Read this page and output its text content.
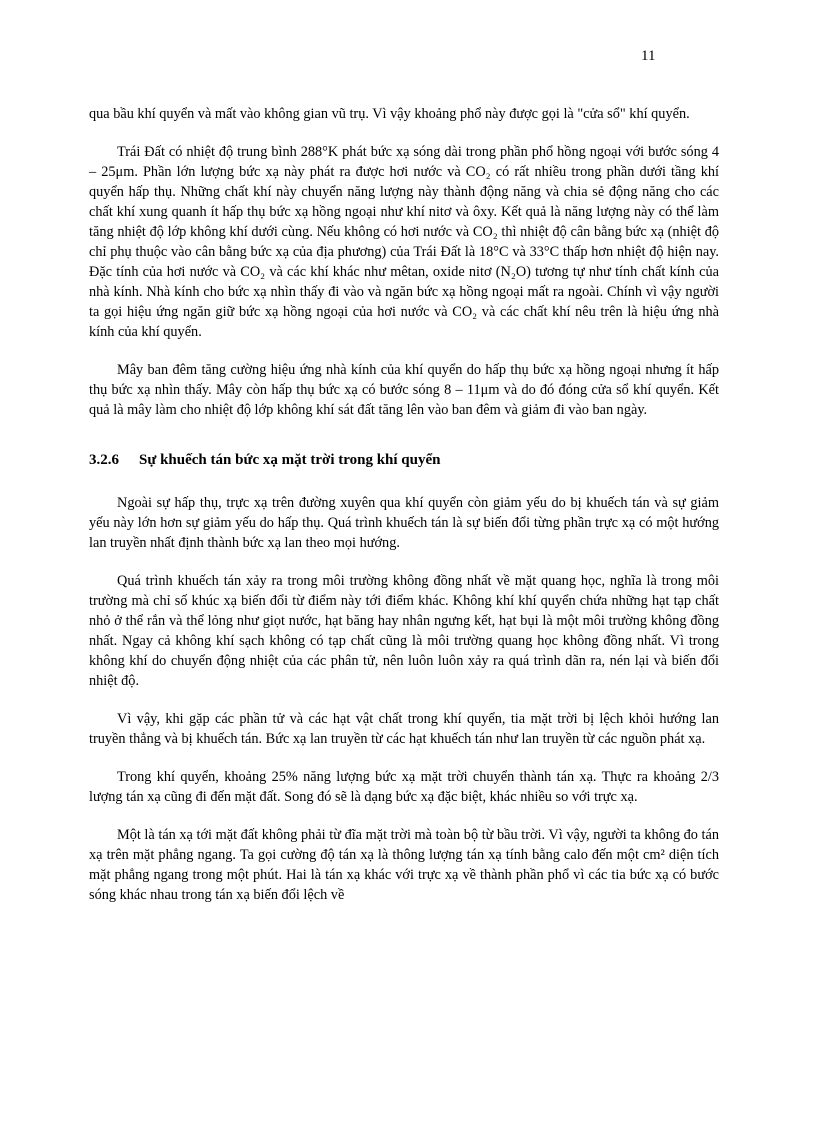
11

qua bầu khí quyển và mất vào không gian vũ trụ. Vì vậy khoảng phổ này được gọi là "cửa sổ" khí quyển.

Trái Đất có nhiệt độ trung bình 288°K phát bức xạ sóng dài trong phần phổ hồng ngoại với bước sóng 4 – 25μm. Phần lớn lượng bức xạ này phát ra được hơi nước và CO₂ có rất nhiều trong phần dưới tầng khí quyển hấp thụ. Những chất khí này chuyển năng lượng này thành động năng và chia sẻ động năng cho các chất khí xung quanh ít hấp thụ bức xạ hồng ngoại như khí nitơ và ôxy. Kết quả là năng lượng này có thể làm tăng nhiệt độ lớp không khí dưới cùng. Nếu không có hơi nước và CO₂ thì nhiệt độ cân bằng bức xạ (nhiệt độ chỉ phụ thuộc vào cân bằng bức xạ của địa phương) của Trái Đất là 18°C và 33°C thấp hơn nhiệt độ hiện nay. Đặc tính của hơi nước và CO₂ và các khí khác như mêtan, oxide nitơ (N₂O) tương tự như tính chất kính của nhà kính. Nhà kính cho bức xạ nhìn thấy đi vào và ngăn bức xạ hồng ngoại mất ra ngoài. Chính vì vậy người ta gọi hiệu ứng ngăn giữ bức xạ hồng ngoại của hơi nước và CO₂ và các chất khí nêu trên là hiệu ứng nhà kính của khí quyển.

Mây ban đêm tăng cường hiệu ứng nhà kính của khí quyển do hấp thụ bức xạ hồng ngoại nhưng ít hấp thụ bức xạ nhìn thấy. Mây còn hấp thụ bức xạ có bước sóng 8 – 11μm và do đó đóng cửa sổ khí quyển. Kết quả là mây làm cho nhiệt độ lớp không khí sát đất tăng lên vào ban đêm và giảm đi vào ban ngày.

3.2.6	Sự khuếch tán bức xạ mặt trời trong khí quyển

Ngoài sự hấp thụ, trực xạ trên đường xuyên qua khí quyển còn giảm yếu do bị khuếch tán và sự giảm yếu này lớn hơn sự giảm yếu do hấp thụ. Quá trình khuếch tán là sự biến đổi từng phần trực xạ có một hướng lan truyền nhất định thành bức xạ lan theo mọi hướng.

Quá trình khuếch tán xảy ra trong môi trường không đồng nhất về mặt quang học, nghĩa là trong môi trường mà chỉ số khúc xạ biến đổi từ điểm này tới điểm khác. Không khí khí quyển chứa những hạt tạp chất nhỏ ở thể rắn và thể lỏng như giọt nước, hạt băng hay nhân ngưng kết, hạt bụi là một môi trường không đồng nhất. Ngay cả không khí sạch không có tạp chất cũng là môi trường quang học không đồng nhất. Vì trong không khí do chuyển động nhiệt của các phân tử, nên luôn luôn xảy ra quá trình dãn ra, nén lại và biến đổi nhiệt độ.

Vì vậy, khi gặp các phần tử và các hạt vật chất trong khí quyển, tia mặt trời bị lệch khỏi hướng lan truyền thẳng và bị khuếch tán. Bức xạ lan truyền từ các hạt khuếch tán như lan truyền từ các nguồn phát xạ.

Trong khí quyển, khoảng 25% năng lượng bức xạ mặt trời chuyển thành tán xạ. Thực ra khoảng 2/3 lượng tán xạ cũng đi đến mặt đất. Song đó sẽ là dạng bức xạ đặc biệt, khác nhiều so với trực xạ.

Một là tán xạ tới mặt đất không phải từ đĩa mặt trời mà toàn bộ từ bầu trời. Vì vậy, người ta không đo tán xạ trên mặt phẳng ngang. Ta gọi cường độ tán xạ là thông lượng tán xạ tính bằng calo đến một cm² diện tích mặt phẳng ngang trong một phút. Hai là tán xạ khác với trực xạ về thành phần phổ vì các tia bức xạ có bước sóng khác nhau trong tán xạ biến đổi lệch về
